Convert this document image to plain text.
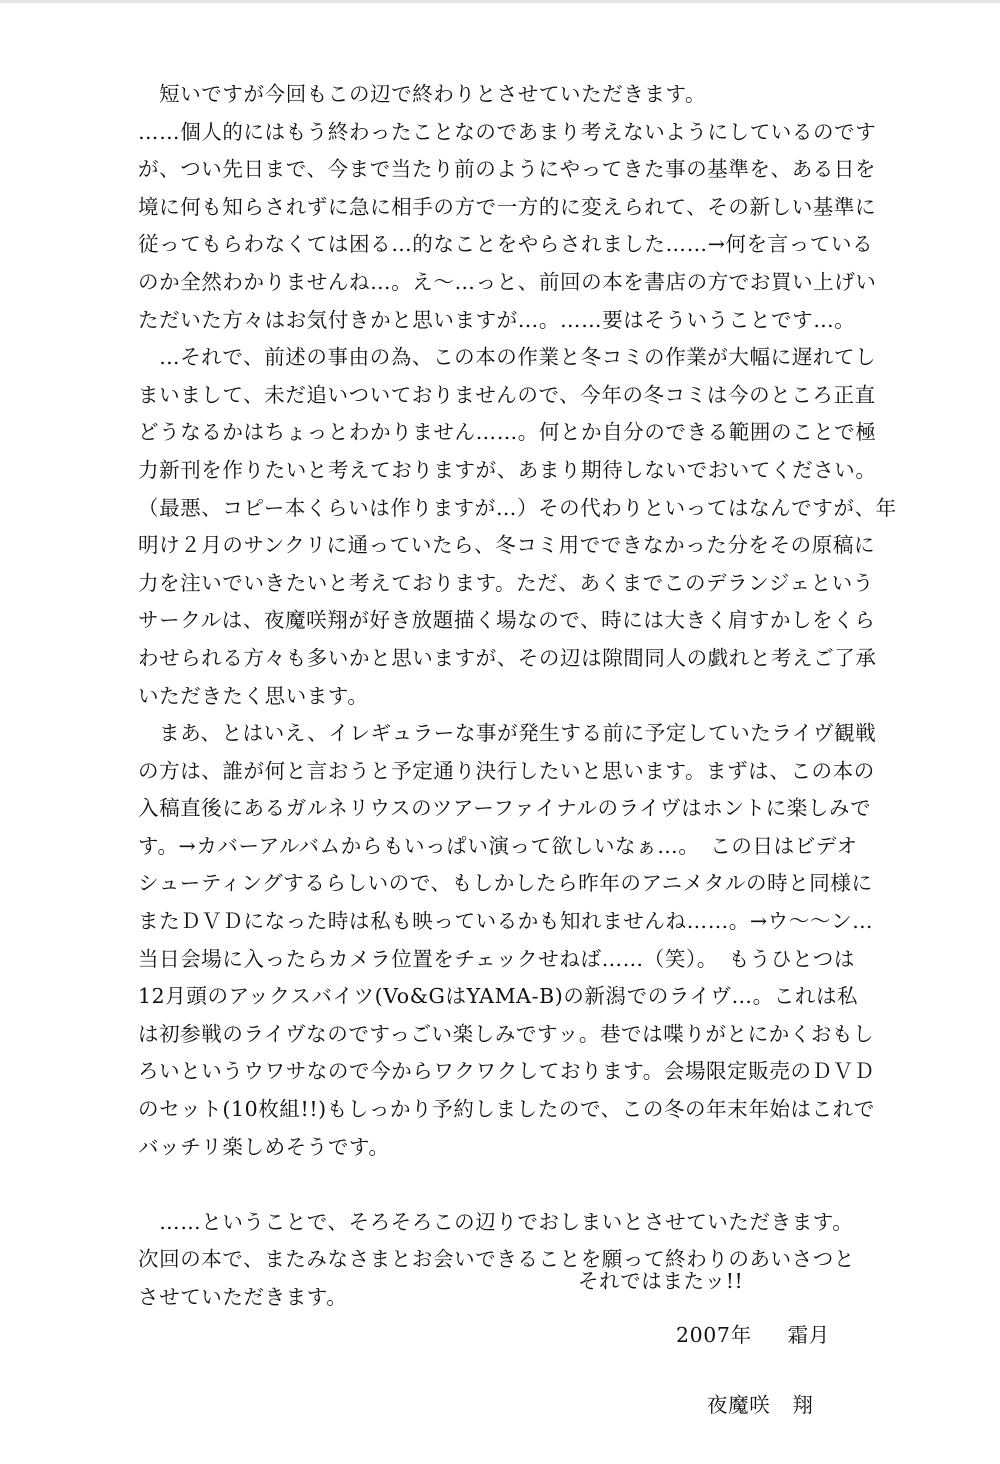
　短いですが今回もこの辺で終わりとさせていただきます。
……個人的にはもう終わったことなのであまり考えないようにしているのです
が、つい先日まで、今まで当たり前のようにやってきた事の基準を、ある日を
境に何も知らされずに急に相手の方で一方的に変えられて、その新しい基準に
従ってもらわなくては困る…的なことをやらされました……→何を言っている
のか全然わかりませんね…。え～…っと、前回の本を書店の方でお買い上げい
ただいた方々はお気付きかと思いますが…。……要はそういうことです…。
　…それで、前述の事由の為、この本の作業と冬コミの作業が大幅に遅れてし
まいまして、未だ追いついておりませんので、今年の冬コミは今のところ正直
どうなるかはちょっとわかりません……。何とか自分のできる範囲のことで極
力新刊を作りたいと考えておりますが、あまり期待しないでおいてください。
（最悪、コピー本くらいは作りますが…）その代わりといってはなんですが、年
明け２月のサンクリに通っていたら、冬コミ用でできなかった分をその原稿に
力を注いでいきたいと考えております。ただ、あくまでこのデランジェという
サークルは、夜魔咲翔が好き放題描く場なので、時には大きく肩すかしをくら
わせられる方々も多いかと思いますが、その辺は隙間同人の戯れと考えご了承
いただきたく思います。
　まあ、とはいえ、イレギュラーな事が発生する前に予定していたライヴ観戦
の方は、誰が何と言おうと予定通り決行したいと思います。まずは、この本の
入稿直後にあるガルネリウスのツアーファイナルのライヴはホントに楽しみで
す。→カバーアルバムからもいっぱい演って欲しいなぁ…。　この日はビデオ
シューティングするらしいので、もしかしたら昨年のアニメタルの時と同様に
またＤＶＤになった時は私も映っているかも知れませんね……。→ウ～～ン…
当日会場に入ったらカメラ位置をチェックせねば……（笑）。　もうひとつは
12月頭のアックスバイツ(Vo&GはYAMA-B)の新潟でのライヴ…。これは私
は初参戦のライヴなのですっごい楽しみですッ。巷では喋りがとにかくおもし
ろいというウワサなので今からワクワクしております。会場限定販売のＤＶＤ
のセット(10枚組!!)もしっかり予約しましたので、この冬の年末年始はこれで
バッチリ楽しめそうです。
　……ということで、そろそろこの辺りでおしまいとさせていただきます。
次回の本で、またみなさまとお会いできることを願って終わりのあいさつと
させていただきます。
それではまたッ!!
2007年 霜月
夜魔咲 翔
